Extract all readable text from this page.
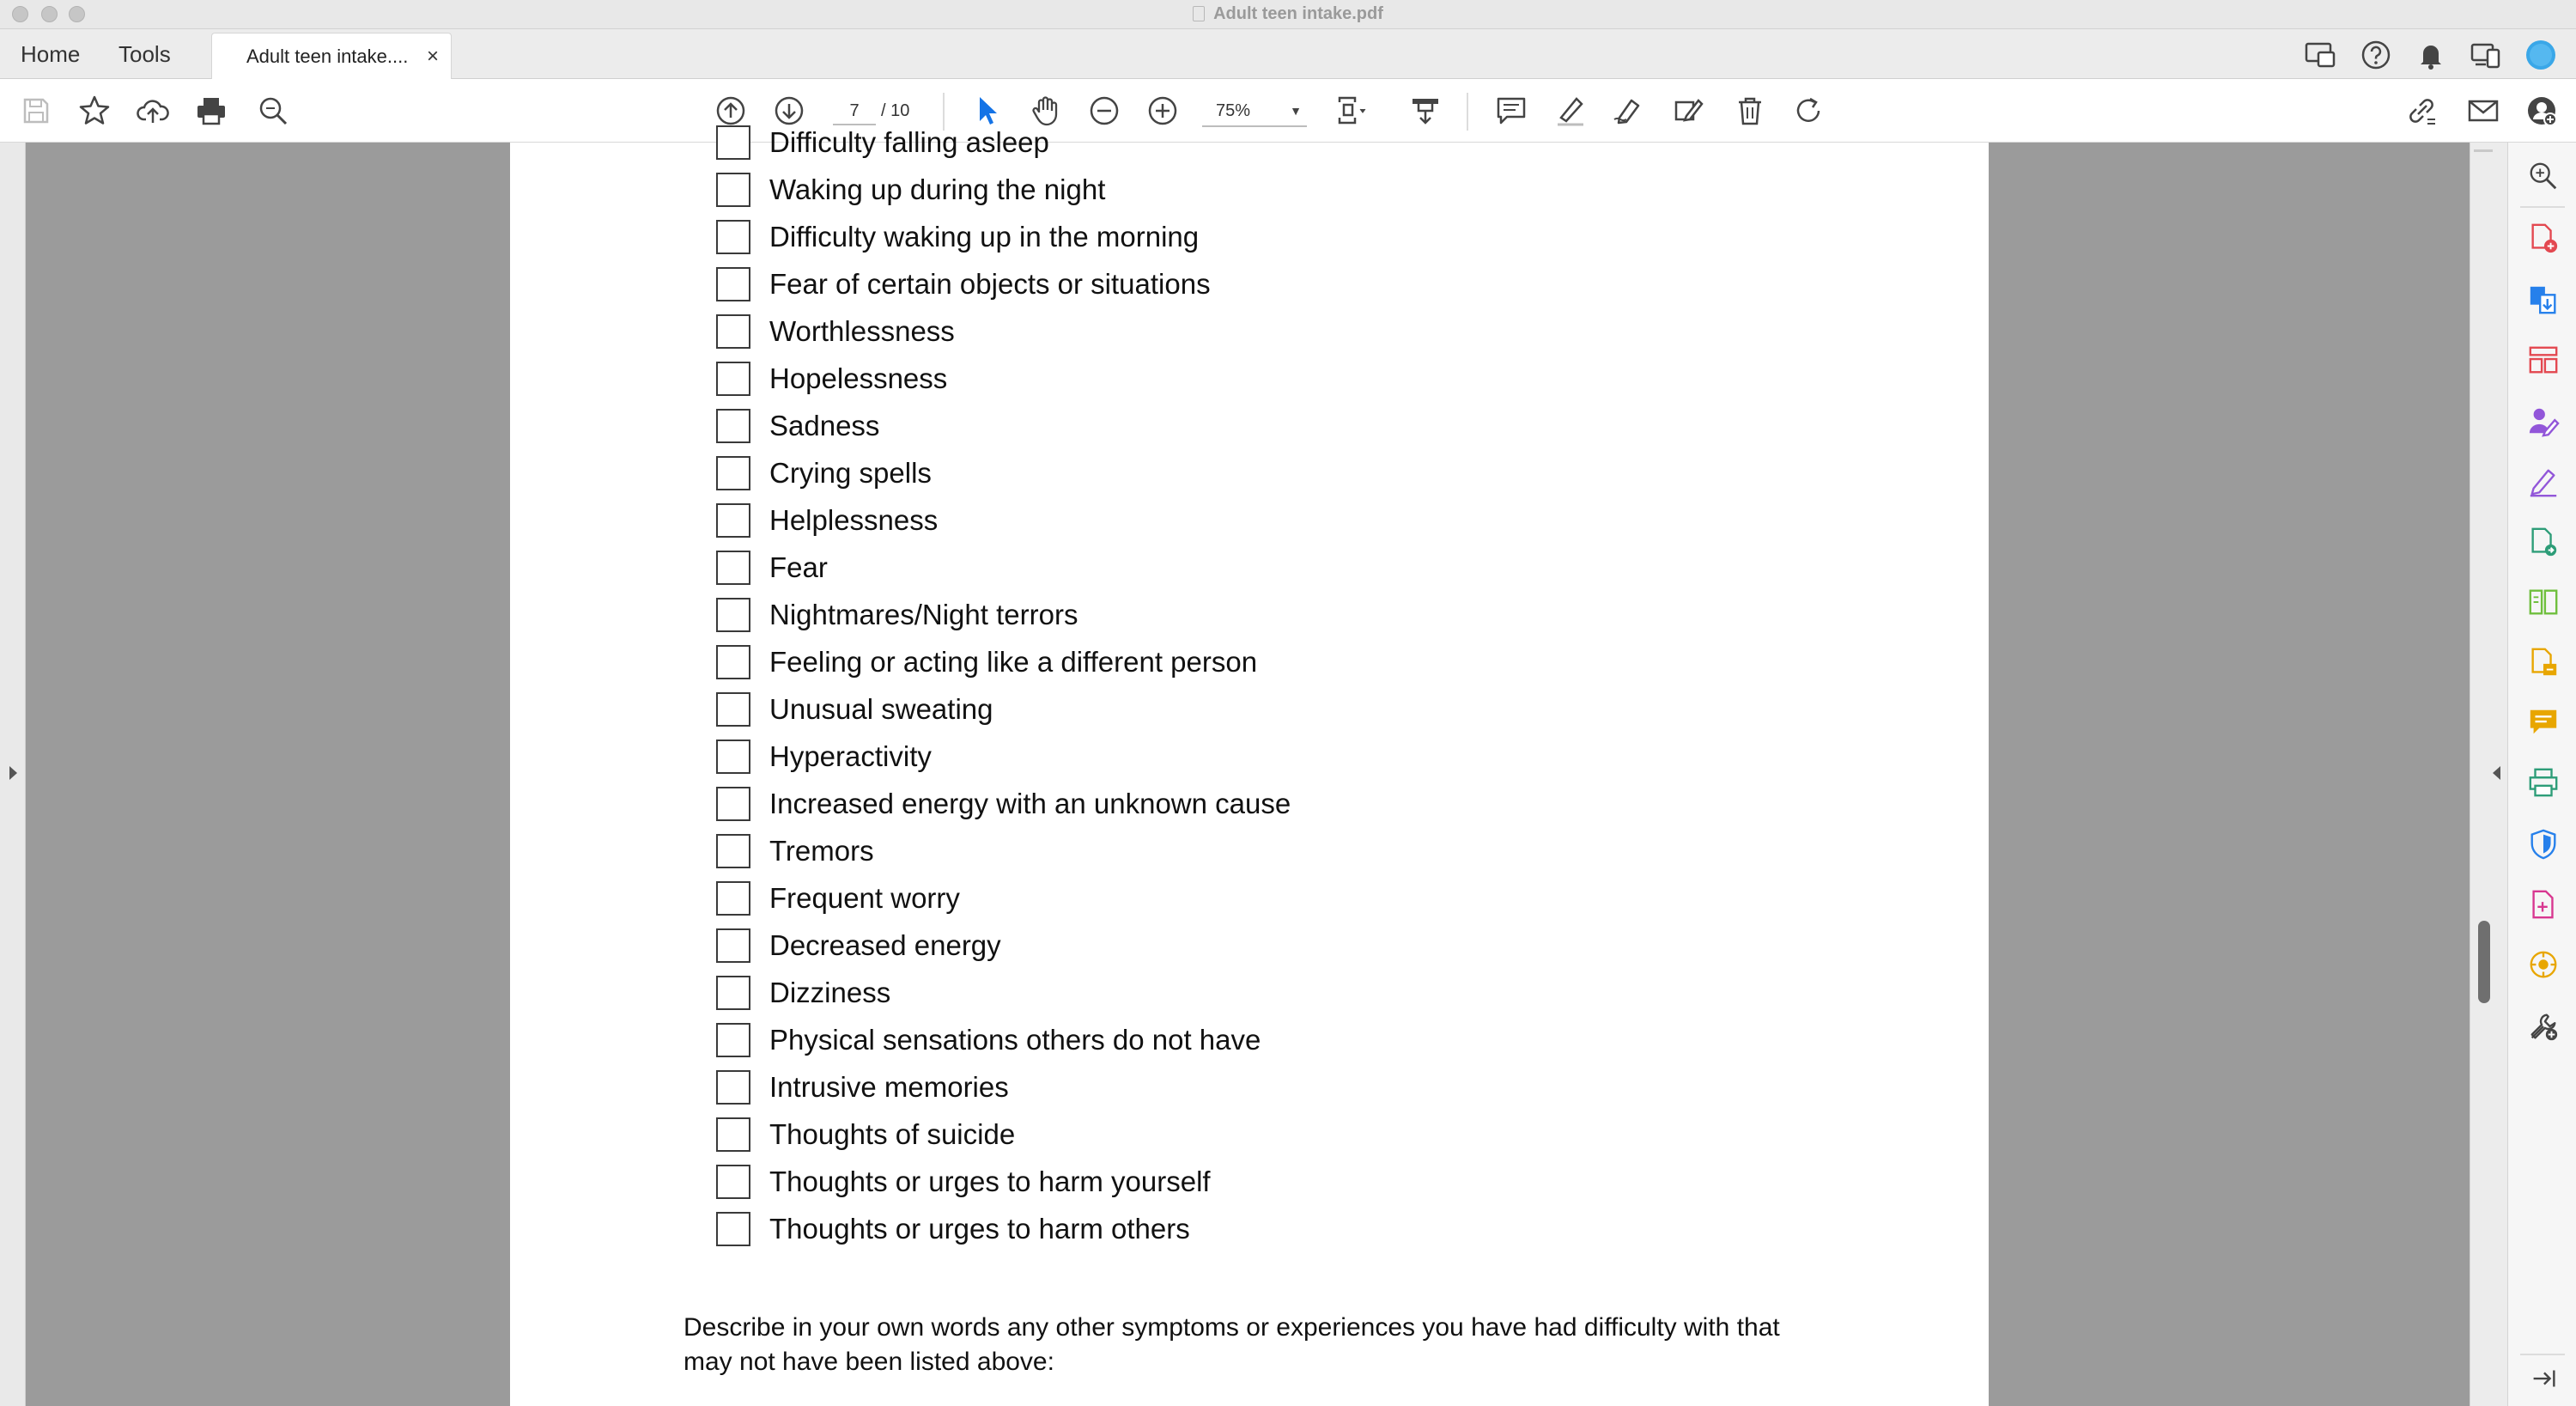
Adult teen intake.pdf
Home Tools	Adult teen intake.... ×
7	/ 10	75%	▼
Difficulty falling asleep
Waking up during the night
Difficulty waking up in the morning
Fear of certain objects or situations
Worthlessness
Hopelessness
Sadness
Crying spells
Helplessness
Fear
Nightmares/Night terrors
Feeling or acting like a different person
Unusual sweating
Hyperactivity
Increased energy with an unknown cause
Tremors
Frequent worry
Decreased energy
Dizziness
Physical sensations others do not have
Intrusive memories
Thoughts of suicide
Thoughts or urges to harm yourself
Thoughts or urges to harm others
Describe in your own words any other symptoms or experiences you have had difficulty with that may not have been listed above:
